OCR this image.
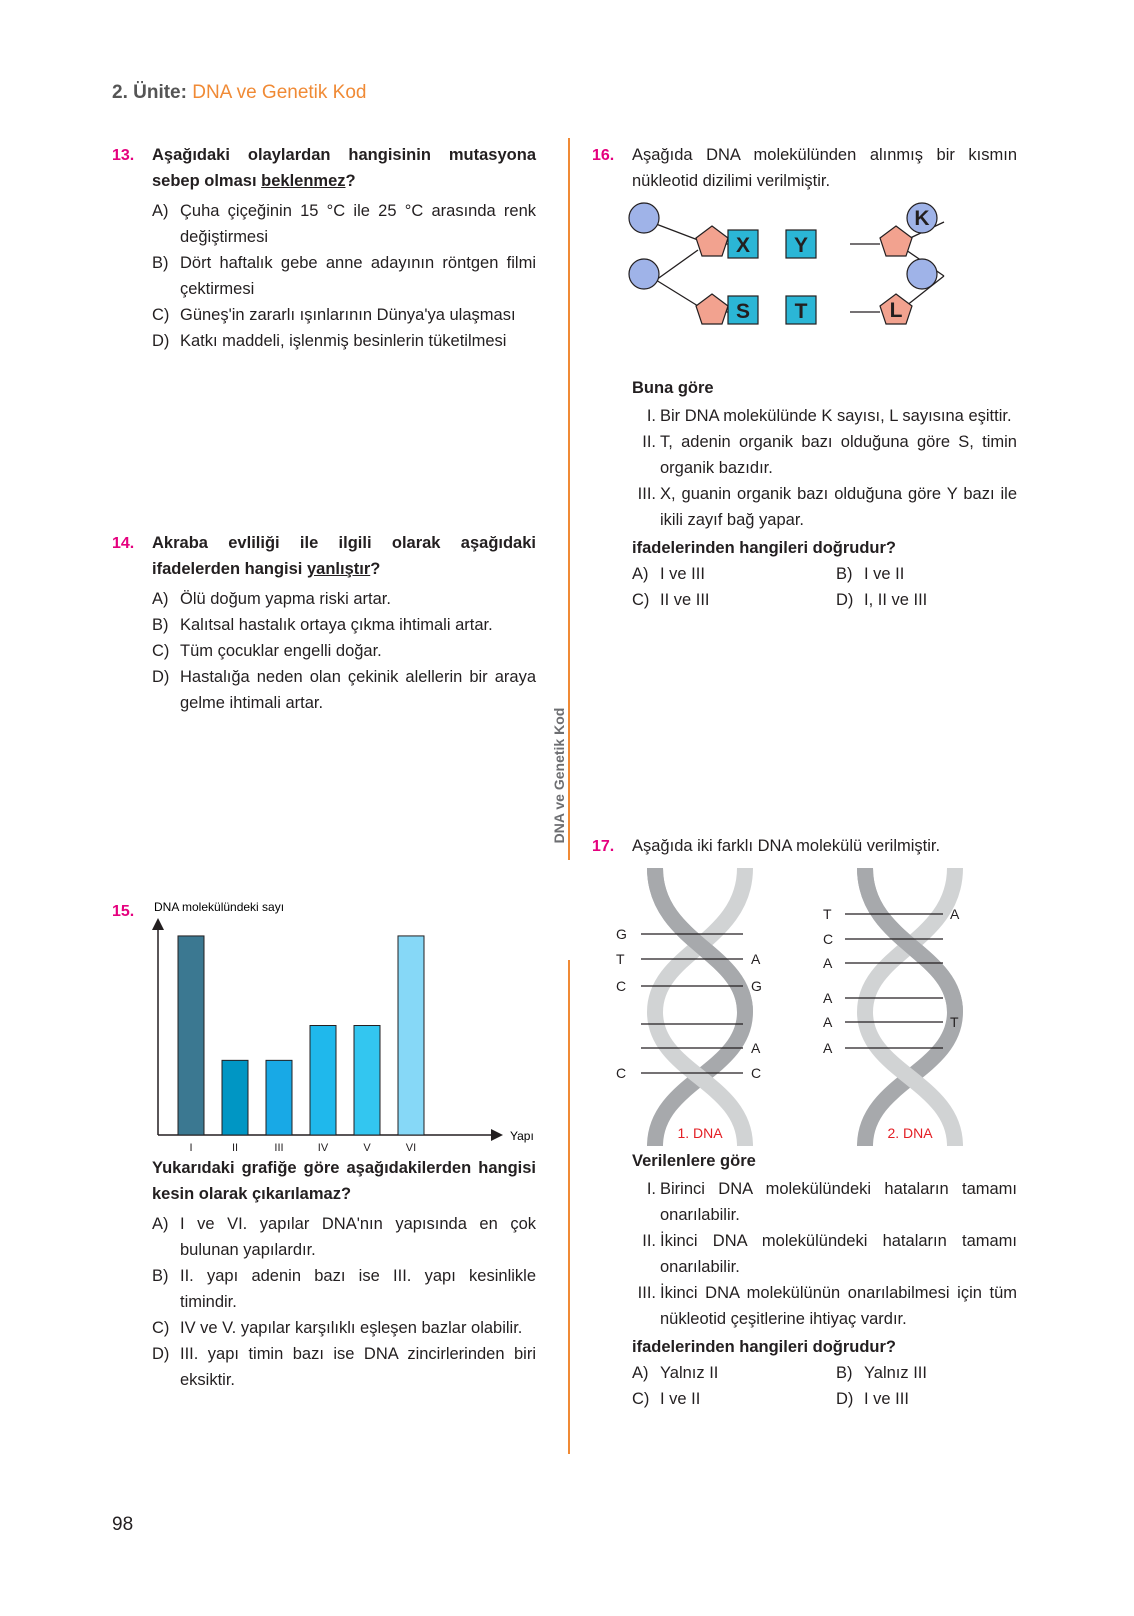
2. Ünite: DNA ve Genetik Kod
DNA ve Genetik Kod
13. Aşağıdaki olaylardan hangisinin mutasyona sebep olması beklenmez?
A) Çuha çiçeğinin 15 °C ile 25 °C arasında renk değiştirmesi
B) Dört haftalık gebe anne adayının röntgen filmi çektirmesi
C) Güneş'in zararlı ışınlarının Dünya'ya ulaşması
D) Katkı maddeli, işlenmiş besinlerin tüketilmesi
14. Akraba evliliği ile ilgili olarak aşağıdaki ifadelerden hangisi yanlıştır?
A) Ölü doğum yapma riski artar.
B) Kalıtsal hastalık ortaya çıkma ihtimali artar.
C) Tüm çocuklar engelli doğar.
D) Hastalığa neden olan çekinik alellerin bir araya gelme ihtimali artar.
15. DNA molekülündeki sayı
Yapı
I	II	III	IV	V	VI
Yukarıdaki grafiğe göre aşağıdakilerden hangisi kesin olarak çıkarılamaz?
A) I ve VI. yapılar DNA'nın yapısında en çok bulunan yapılardır.
B) II. yapı adenin bazı ise III. yapı kesinlikle timindir.
C) IV ve V. yapılar karşılıklı eşleşen bazlar olabilir.
D) III. yapı timin bazı ise DNA zincirlerinden biri eksiktir.
16. Aşağıda DNA molekülünden alınmış bir kısmın nükleotid dizilimi verilmiştir.
X Y
S T
K
L
Buna göre
I. Bir DNA molekülünde K sayısı, L sayısına eşittir.
II. T, adenin organik bazı olduğuna göre S, timin organik bazıdır.
III. X, guanin organik bazı olduğuna göre Y bazı ile ikili zayıf bağ yapar.
ifadelerinden hangileri doğrudur?
A) I ve III	B) I ve II
C) II ve III	D) I, II ve III
17. Aşağıda iki farklı DNA molekülü verilmiştir.
G
T
C
C
A
G
A
C
1. DNA
T
C
A
A
A
A
A
T
2. DNA
Verilenlere göre
I. Birinci DNA molekülündeki hataların tamamı onarılabilir.
II. İkinci DNA molekülündeki hataların tamamı onarılabilir.
III. İkinci DNA molekülünün onarılabilmesi için tüm nükleotid çeşitlerine ihtiyaç vardır.
ifadelerinden hangileri doğrudur?
A) Yalnız II	B) Yalnız III
C) I ve II	D) I ve III
98
